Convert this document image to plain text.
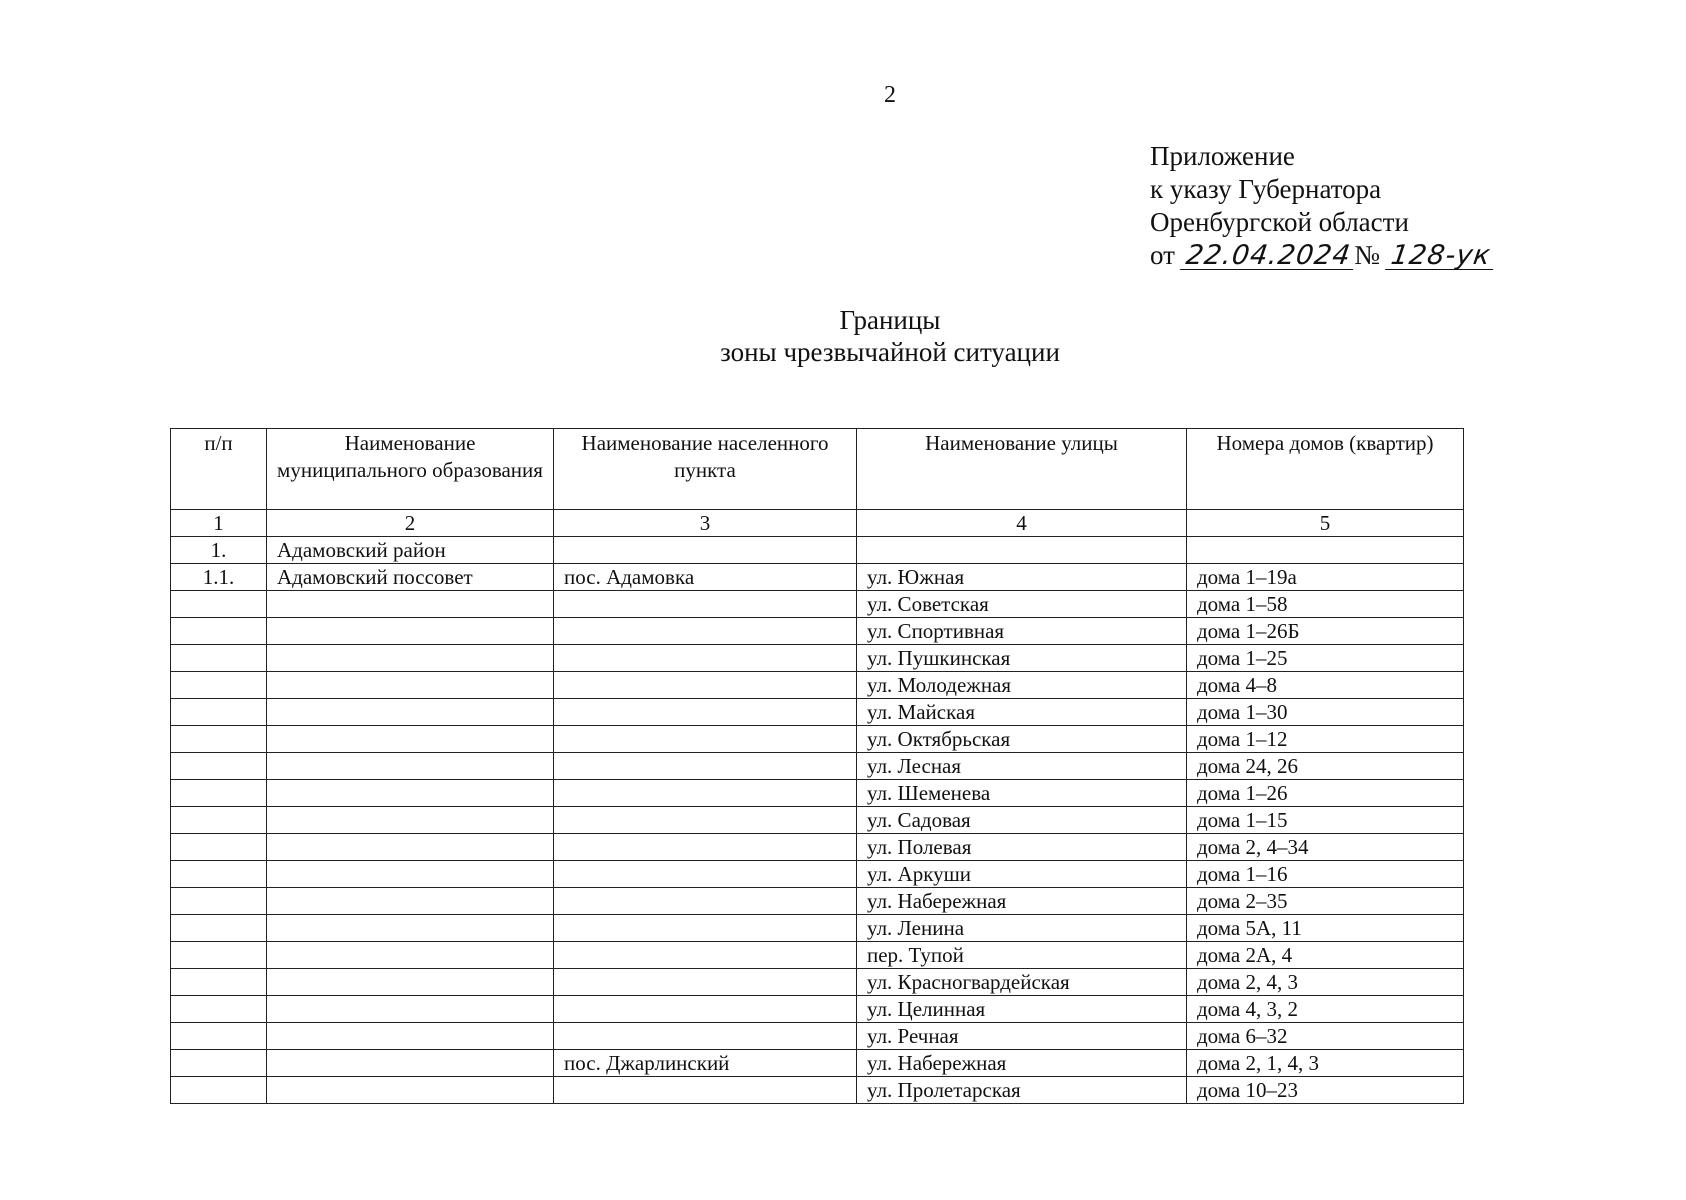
2
Приложение
к указу Губернатора
Оренбургской области
от 22.04.2024№ 128-ук
Границы
зоны чрезвычайной ситуации
п/п	Наименование муниципального образования	Наименование населенного пункта	Наименование улицы	Номера домов (квартир)
1	2	3	4	5
1.	Адамовский район			
1.1.	Адамовский поссовет	пос. Адамовка	ул. Южная	дома 1–19а
			ул. Советская	дома 1–58
			ул. Спортивная	дома 1–26Б
			ул. Пушкинская	дома 1–25
			ул. Молодежная	дома 4–8
			ул. Майская	дома 1–30
			ул. Октябрьская	дома 1–12
			ул. Лесная	дома 24, 26
			ул. Шеменева	дома 1–26
			ул. Садовая	дома 1–15
			ул. Полевая	дома 2, 4–34
			ул. Аркуши	дома 1–16
			ул. Набережная	дома 2–35
			ул. Ленина	дома 5А, 11
			пер. Тупой	дома 2А, 4
			ул. Красногвардейская	дома 2, 4, 3
			ул. Целинная	дома 4, 3, 2
			ул. Речная	дома 6–32
		пос. Джарлинский	ул. Набережная	дома 2, 1, 4, 3
			ул. Пролетарская	дома 10–23
